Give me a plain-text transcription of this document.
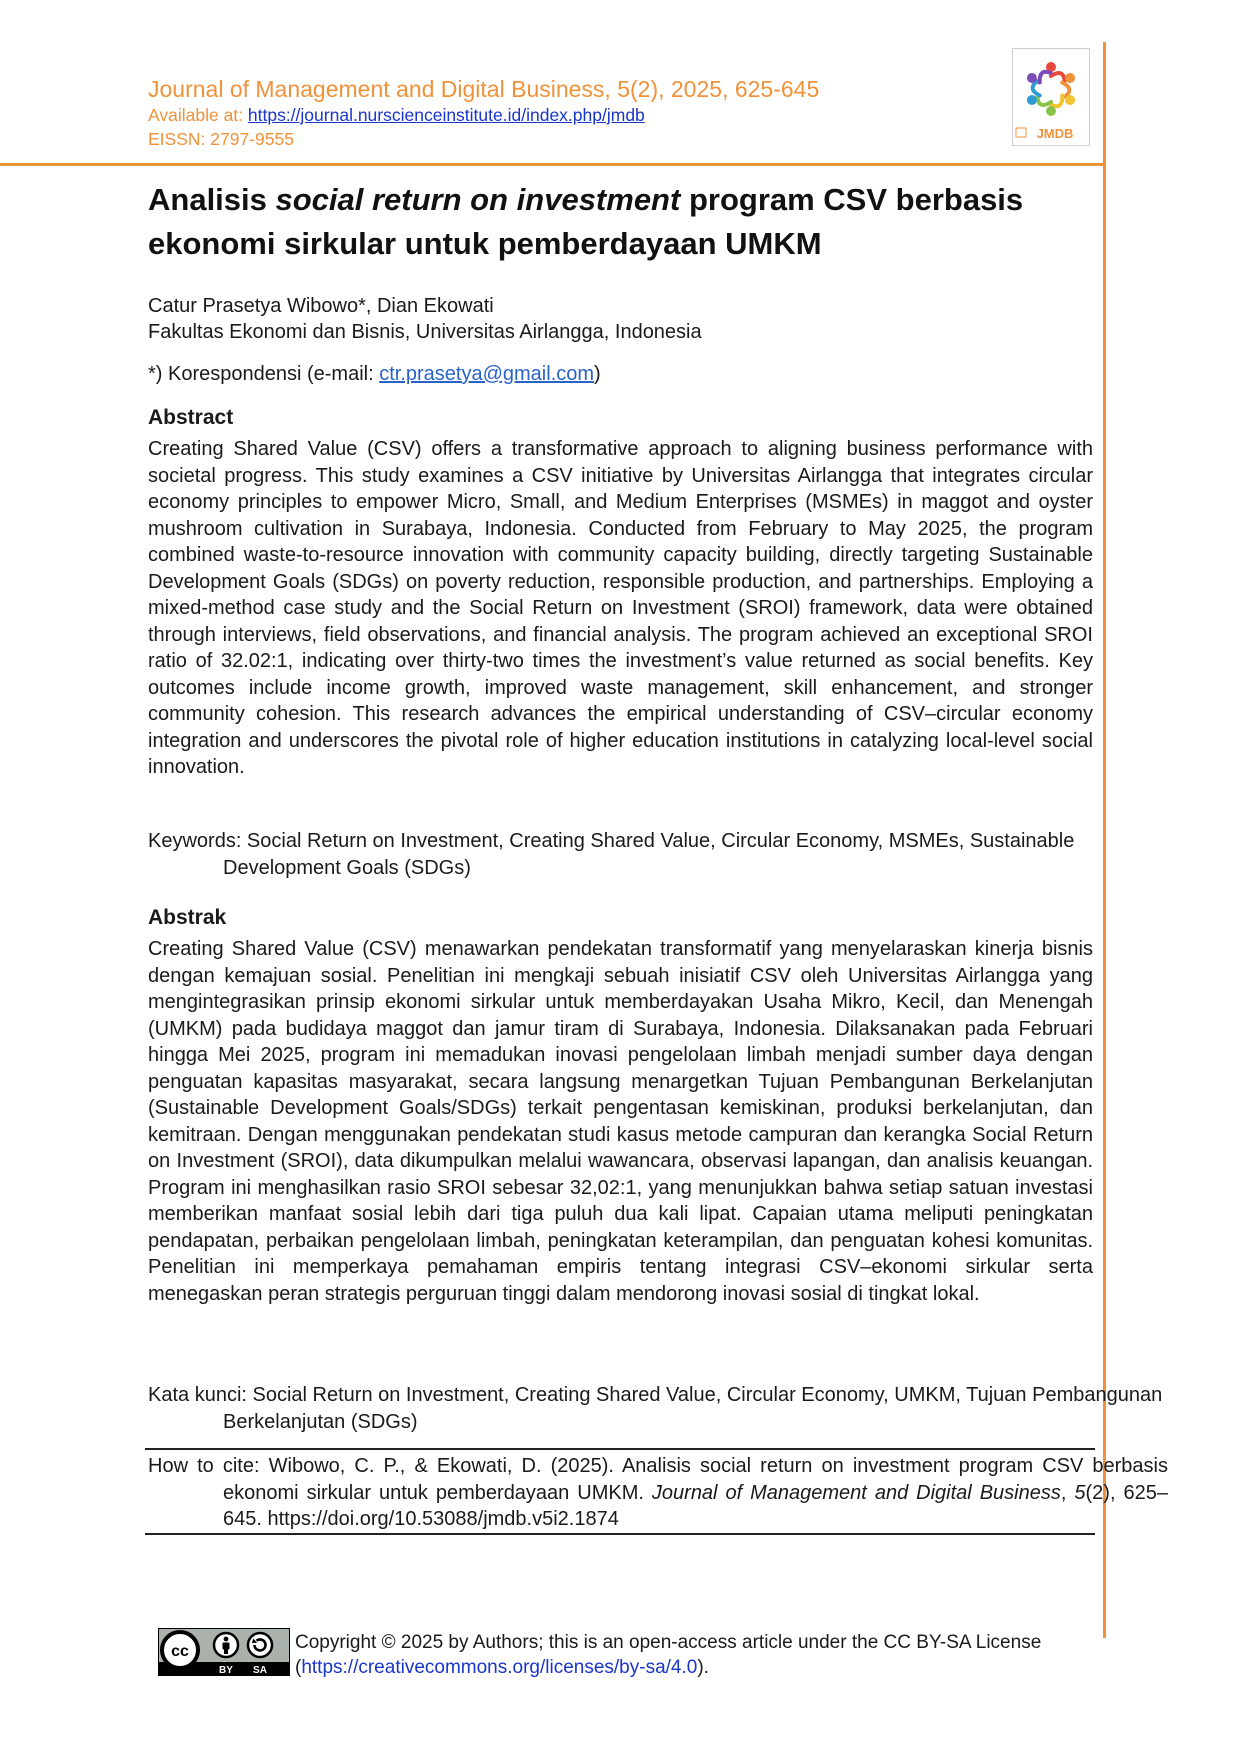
Journal of Management and Digital Business, 5(2), 2025, 625-645
Available at: https://journal.nurscienceinstitute.id/index.php/jmdb
EISSN: 2797-9555	JMDB
Analisis social return on investment program CSV berbasis ekonomi sirkular untuk pemberdayaan UMKM
Catur Prasetya Wibowo*, Dian Ekowati
Fakultas Ekonomi dan Bisnis, Universitas Airlangga, Indonesia
*) Korespondensi (e-mail: ctr.prasetya@gmail.com)
Abstract
Creating Shared Value (CSV) offers a transformative approach to aligning business performance with societal progress. This study examines a CSV initiative by Universitas Airlangga that integrates circular economy principles to empower Micro, Small, and Medium Enterprises (MSMEs) in maggot and oyster mushroom cultivation in Surabaya, Indonesia. Conducted from February to May 2025, the program combined waste-to-resource innovation with community capacity building, directly targeting Sustainable Development Goals (SDGs) on poverty reduction, responsible production, and partnerships. Employing a mixed-method case study and the Social Return on Investment (SROI) framework, data were obtained through interviews, field observations, and financial analysis. The program achieved an exceptional SROI ratio of 32.02:1, indicating over thirty-two times the investment’s value returned as social benefits. Key outcomes include income growth, improved waste management, skill enhancement, and stronger community cohesion. This research advances the empirical understanding of CSV–circular economy integration and underscores the pivotal role of higher education institutions in catalyzing local-level social innovation.
Keywords: Social Return on Investment, Creating Shared Value, Circular Economy, MSMEs, Sustainable Development Goals (SDGs)
Abstrak
Creating Shared Value (CSV) menawarkan pendekatan transformatif yang menyelaraskan kinerja bisnis dengan kemajuan sosial. Penelitian ini mengkaji sebuah inisiatif CSV oleh Universitas Airlangga yang mengintegrasikan prinsip ekonomi sirkular untuk memberdayakan Usaha Mikro, Kecil, dan Menengah (UMKM) pada budidaya maggot dan jamur tiram di Surabaya, Indonesia. Dilaksanakan pada Februari hingga Mei 2025, program ini memadukan inovasi pengelolaan limbah menjadi sumber daya dengan penguatan kapasitas masyarakat, secara langsung menargetkan Tujuan Pembangunan Berkelanjutan (Sustainable Development Goals/SDGs) terkait pengentasan kemiskinan, produksi berkelanjutan, dan kemitraan. Dengan menggunakan pendekatan studi kasus metode campuran dan kerangka Social Return on Investment (SROI), data dikumpulkan melalui wawancara, observasi lapangan, dan analisis keuangan. Program ini menghasilkan rasio SROI sebesar 32,02:1, yang menunjukkan bahwa setiap satuan investasi memberikan manfaat sosial lebih dari tiga puluh dua kali lipat. Capaian utama meliputi peningkatan pendapatan, perbaikan pengelolaan limbah, peningkatan keterampilan, dan penguatan kohesi komunitas. Penelitian ini memperkaya pemahaman empiris tentang integrasi CSV–ekonomi sirkular serta menegaskan peran strategis perguruan tinggi dalam mendorong inovasi sosial di tingkat lokal.
Kata kunci: Social Return on Investment, Creating Shared Value, Circular Economy, UMKM, Tujuan Pembangunan Berkelanjutan (SDGs)
How to cite: Wibowo, C. P., & Ekowati, D. (2025). Analisis social return on investment program CSV berbasis ekonomi sirkular untuk pemberdayaan UMKM. Journal of Management and Digital Business, 5(2), 625–645. https://doi.org/10.53088/jmdb.v5i2.1874
cc
BY SA
Copyright © 2025 by Authors; this is an open-access article under the CC BY-SA License (https://creativecommons.org/licenses/by-sa/4.0).
